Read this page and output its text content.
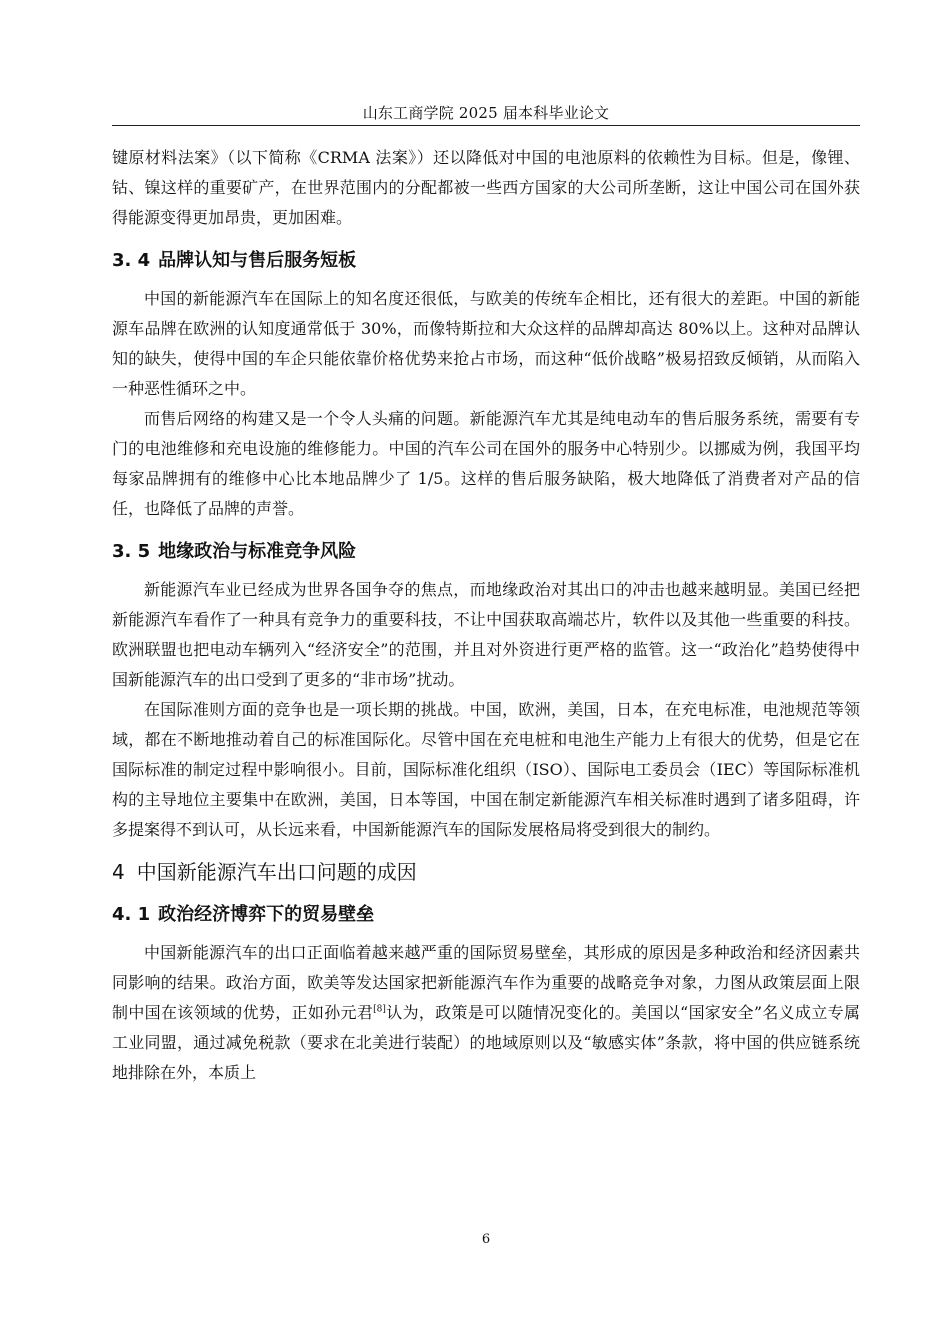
山东工商学院 2025 届本科毕业论文

键原材料法案》（以下简称《CRMA 法案》）还以降低对中国的电池原料的依赖性为目标。但是，像锂、钴、镍这样的重要矿产，在世界范围内的分配都被一些西方国家的大公司所垄断，这让中国公司在国外获得能源变得更加昂贵，更加困难。

3. 4 品牌认知与售后服务短板

中国的新能源汽车在国际上的知名度还很低，与欧美的传统车企相比，还有很大的差距。中国的新能源车品牌在欧洲的认知度通常低于 30%，而像特斯拉和大众这样的品牌却高达 80%以上。这种对品牌认知的缺失，使得中国的车企只能依靠价格优势来抢占市场，而这种“低价战略”极易招致反倾销，从而陷入一种恶性循环之中。

而售后网络的构建又是一个令人头痛的问题。新能源汽车尤其是纯电动车的售后服务系统，需要有专门的电池维修和充电设施的维修能力。中国的汽车公司在国外的服务中心特别少。以挪威为例，我国平均每家品牌拥有的维修中心比本地品牌少了 1/5。这样的售后服务缺陷，极大地降低了消费者对产品的信任，也降低了品牌的声誉。

3. 5 地缘政治与标准竞争风险

新能源汽车业已经成为世界各国争夺的焦点，而地缘政治对其出口的冲击也越来越明显。美国已经把新能源汽车看作了一种具有竞争力的重要科技，不让中国获取高端芯片，软件以及其他一些重要的科技。欧洲联盟也把电动车辆列入“经济安全”的范围，并且对外资进行更严格的监管。这一“政治化”趋势使得中国新能源汽车的出口受到了更多的“非市场”扰动。

在国际准则方面的竞争也是一项长期的挑战。中国，欧洲，美国，日本，在充电标准，电池规范等领域，都在不断地推动着自己的标准国际化。尽管中国在充电桩和电池生产能力上有很大的优势，但是它在国际标准的制定过程中影响很小。目前，国际标准化组织（ISO）、国际电工委员会（IEC）等国际标准机构的主导地位主要集中在欧洲，美国，日本等国，中国在制定新能源汽车相关标准时遇到了诸多阻碍，许多提案得不到认可，从长远来看，中国新能源汽车的国际发展格局将受到很大的制约。

4 中国新能源汽车出口问题的成因
4. 1 政治经济博弈下的贸易壁垒

中国新能源汽车的出口正面临着越来越严重的国际贸易壁垒，其形成的原因是多种政治和经济因素共同影响的结果。政治方面，欧美等发达国家把新能源汽车作为重要的战略竞争对象，力图从政策层面上限制中国在该领域的优势，正如孙元君[8]认为，政策是可以随情况变化的。美国以“国家安全”名义成立专属工业同盟，通过减免税款（要求在北美进行装配）的地域原则以及“敏感实体”条款，将中国的供应链系统地排除在外，本质上

6
